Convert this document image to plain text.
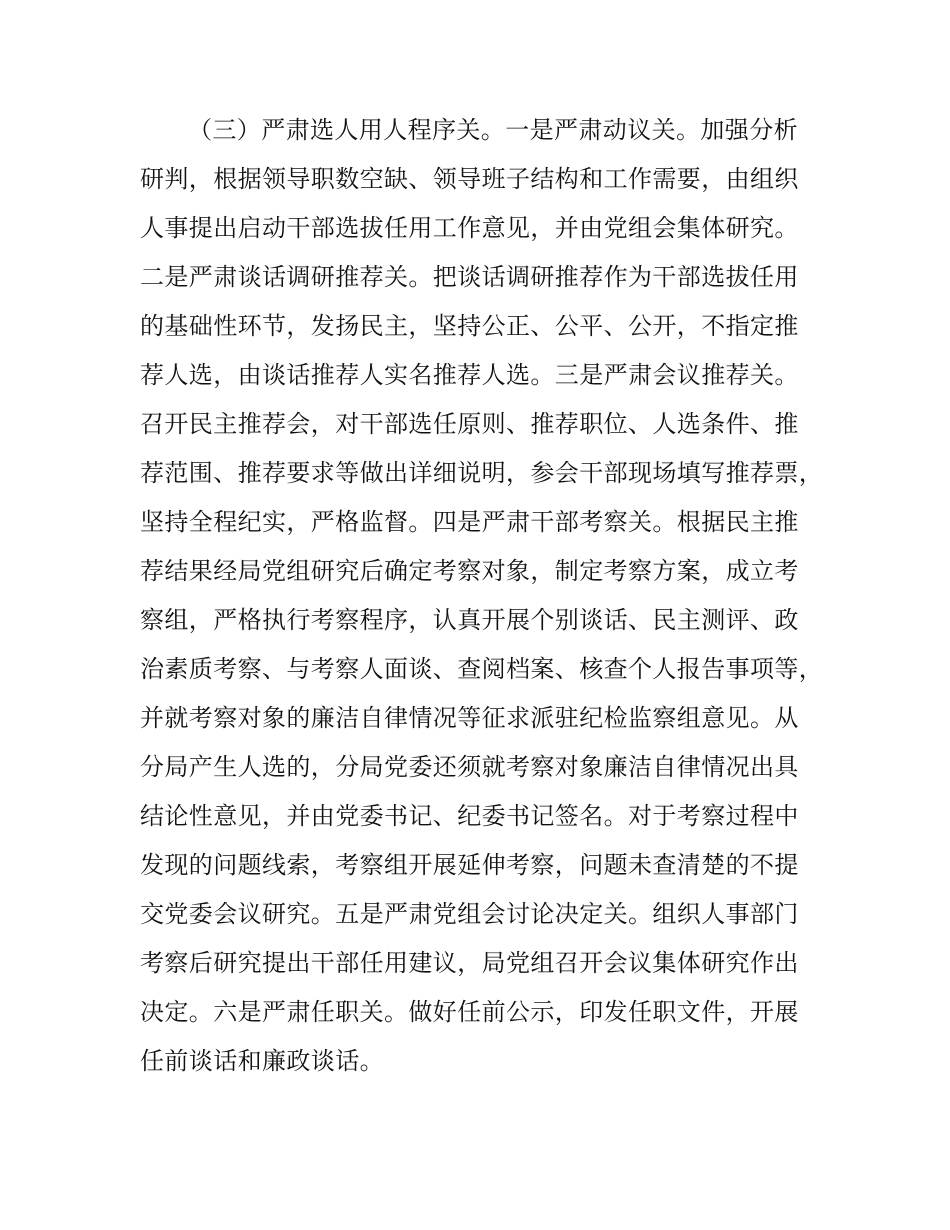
（三）严肃选人用人程序关。一是严肃动议关。加强分析
研判，根据领导职数空缺、领导班子结构和工作需要，由组织
人事提出启动干部选拔任用工作意见，并由党组会集体研究。
二是严肃谈话调研推荐关。把谈话调研推荐作为干部选拔任用
的基础性环节，发扬民主，坚持公正、公平、公开，不指定推
荐人选，由谈话推荐人实名推荐人选。三是严肃会议推荐关。
召开民主推荐会，对干部选任原则、推荐职位、人选条件、推
荐范围、推荐要求等做出详细说明，参会干部现场填写推荐票，
坚持全程纪实，严格监督。四是严肃干部考察关。根据民主推
荐结果经局党组研究后确定考察对象，制定考察方案，成立考
察组，严格执行考察程序，认真开展个别谈话、民主测评、政
治素质考察、与考察人面谈、查阅档案、核查个人报告事项等，
并就考察对象的廉洁自律情况等征求派驻纪检监察组意见。从
分局产生人选的，分局党委还须就考察对象廉洁自律情况出具
结论性意见，并由党委书记、纪委书记签名。对于考察过程中
发现的问题线索，考察组开展延伸考察，问题未查清楚的不提
交党委会议研究。五是严肃党组会讨论决定关。组织人事部门
考察后研究提出干部任用建议，局党组召开会议集体研究作出
决定。六是严肃任职关。做好任前公示，印发任职文件，开展
任前谈话和廉政谈话。
